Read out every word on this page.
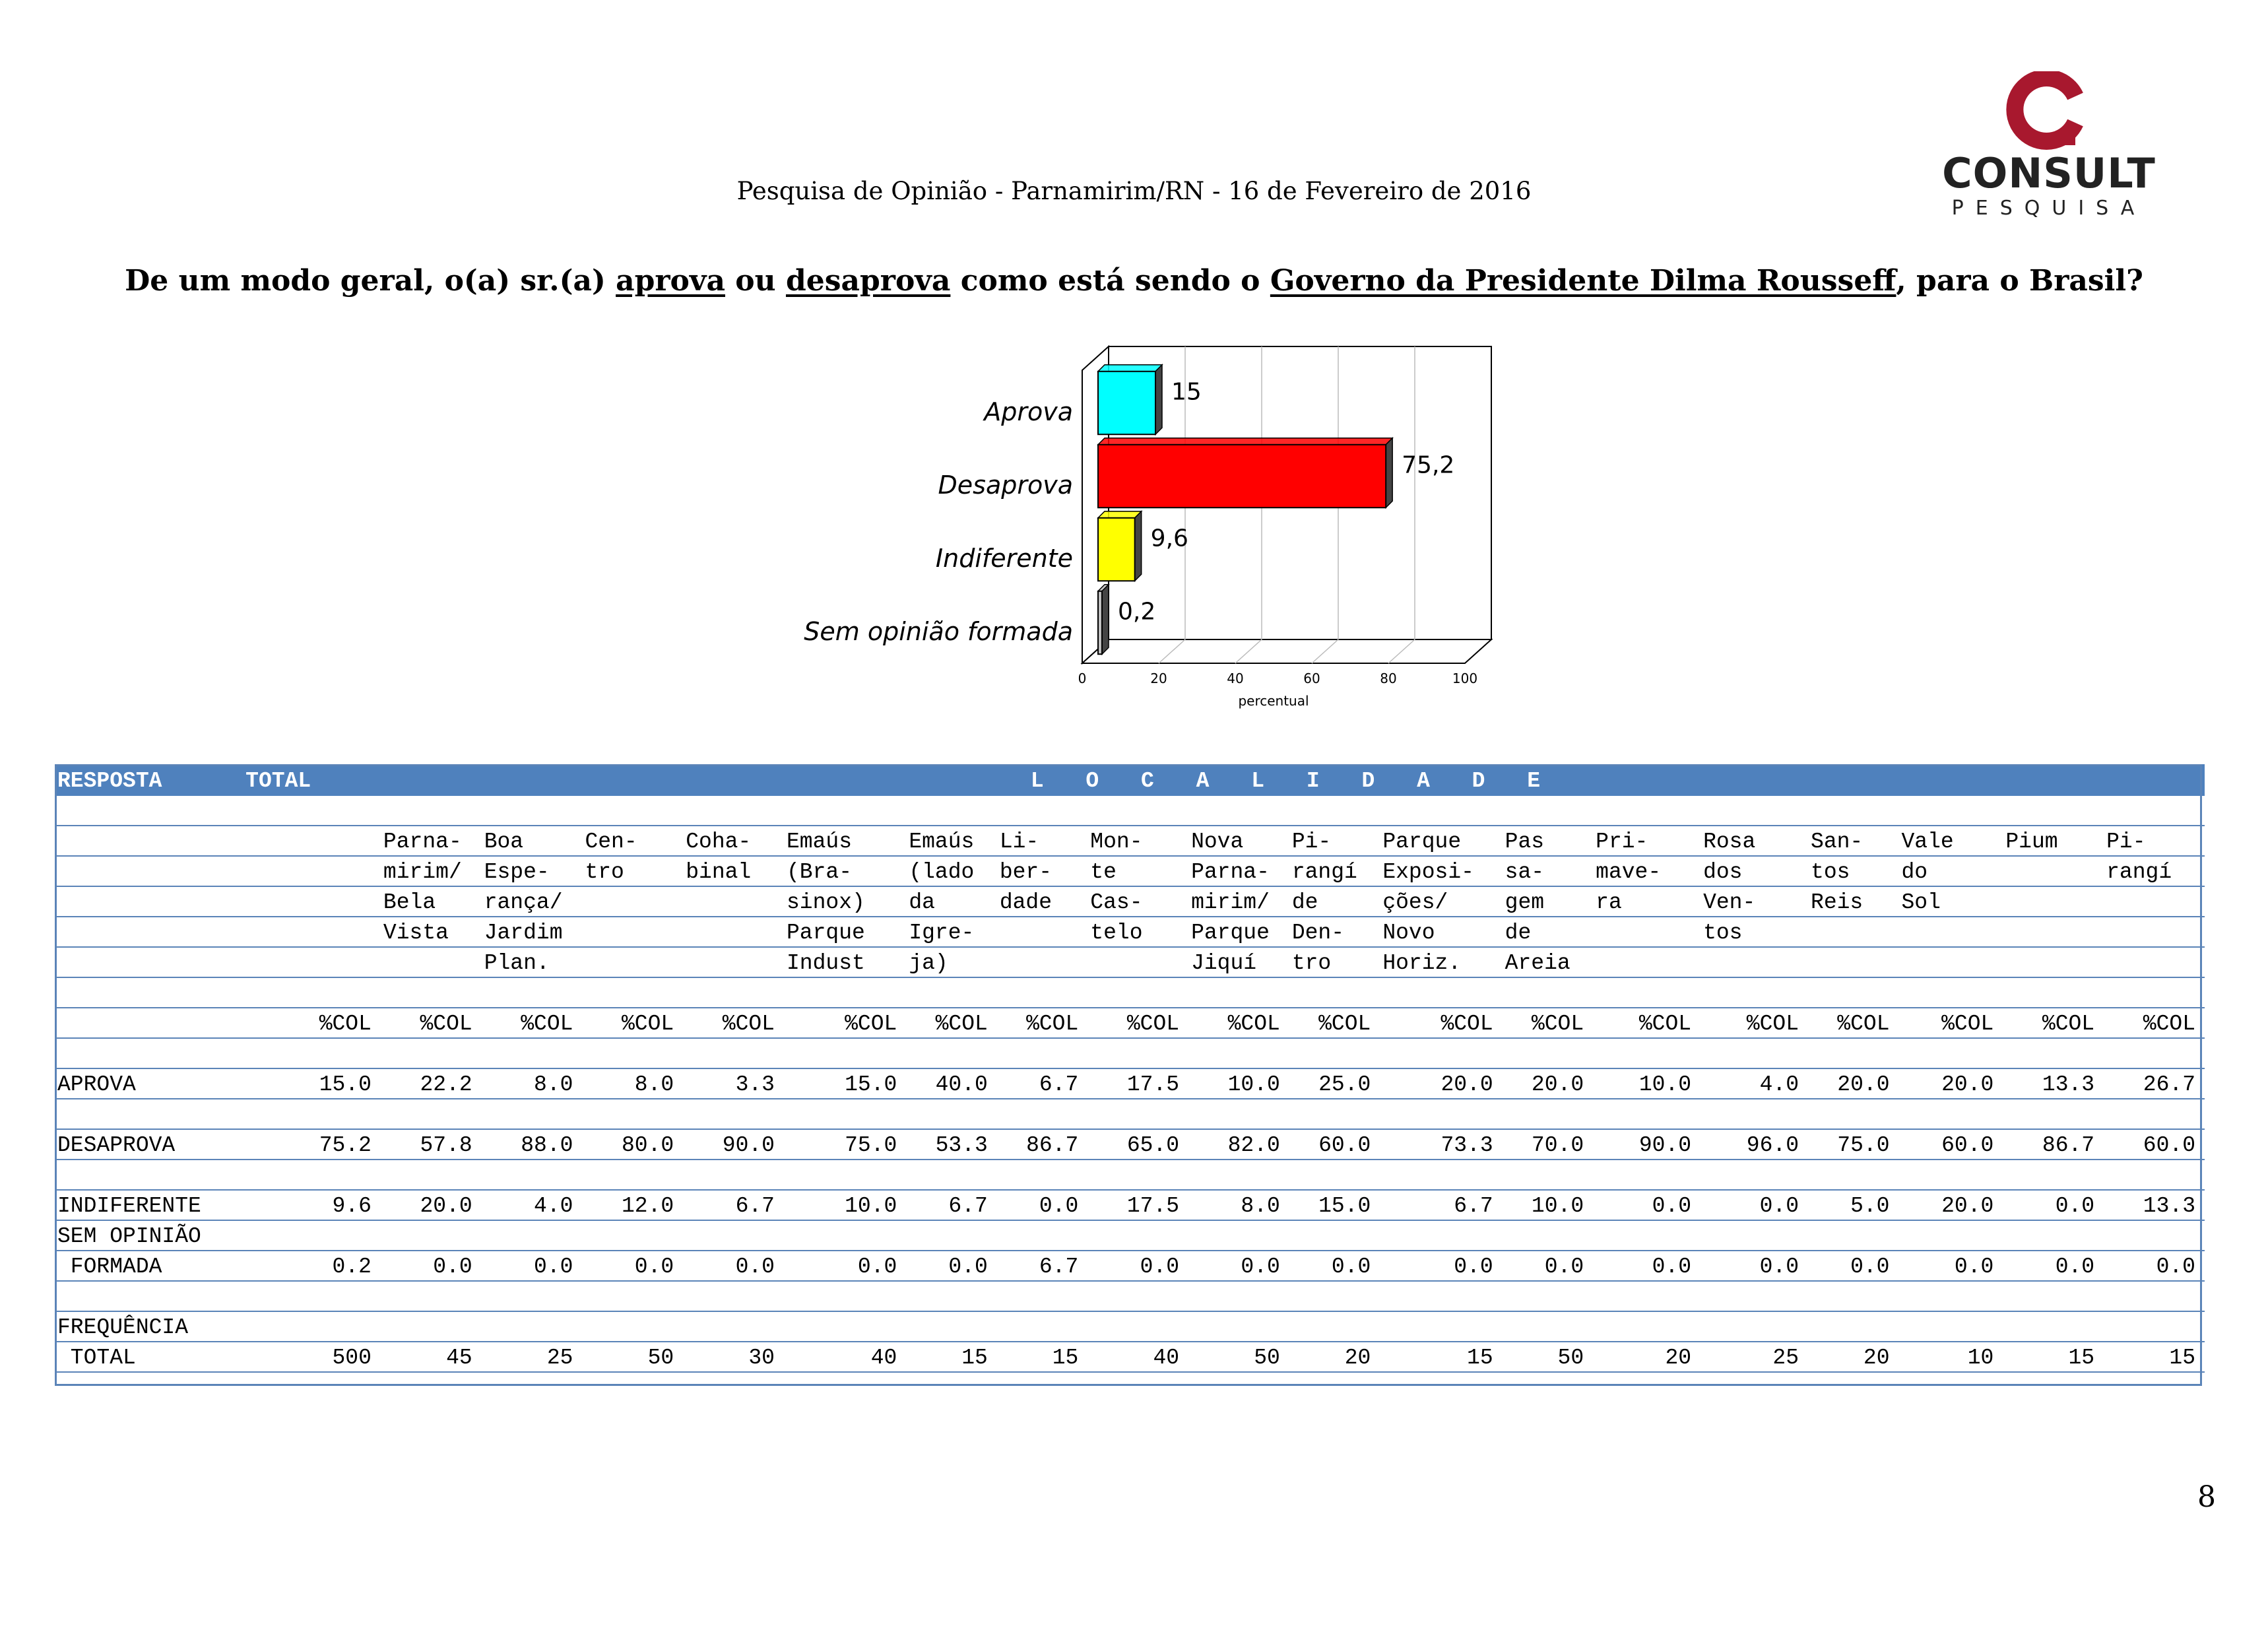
Pesquisa de Opinião - Parnamirim/RN - 16 de Fevereiro de 2016	CONSULT
PESQUISA
De um modo geral, o(a) sr.(a) aprova ou desaprova como está sendo o Governo da Presidente Dilma Rousseff, para o Brasil?
0	20	40	60	80	100
percentual
15
Aprova
75,2
Desaprova
9,6
Indiferente
0,2
Sem opinião formada
RESPOSTA	TOTAL	L O C A L I D A D E																	

		Parna-	Boa	Cen-	Coha-	Emaús	Emaús	Li-	Mon-	Nova	Pi-	Parque	Pas	Pri-	Rosa	San-	Vale	Pium	Pi-
		mirim/	Espe-	tro	binal	(Bra-	(lado	ber-	te	Parna-	rangí	Exposi-	sa-	mave-	dos	tos	do		rangí
		Bela	rança/			sinox)	da	dade	Cas-	mirim/	de	ções/	gem	ra	Ven-	Reis	Sol		
		Vista	Jardim			Parque	Igre-		telo	Parque	Den-	Novo	de		tos				
			Plan.			Indust	ja)			Jiquí	tro	Horiz.	Areia						

	%COL	%COL	%COL	%COL	%COL	%COL	%COL	%COL	%COL	%COL	%COL	%COL	%COL	%COL	%COL	%COL	%COL	%COL	%COL

APROVA	15.0	22.2	8.0	8.0	3.3	15.0	40.0	6.7	17.5	10.0	25.0	20.0	20.0	10.0	4.0	20.0	20.0	13.3	26.7

DESAPROVA	75.2	57.8	88.0	80.0	90.0	75.0	53.3	86.7	65.0	82.0	60.0	73.3	70.0	90.0	96.0	75.0	60.0	86.7	60.0

INDIFERENTE	9.6	20.0	4.0	12.0	6.7	10.0	6.7	0.0	17.5	8.0	15.0	6.7	10.0	0.0	0.0	5.0	20.0	0.0	13.3
SEM OPINIÃO																			
FORMADA	0.2	0.0	0.0	0.0	0.0	0.0	0.0	6.7	0.0	0.0	0.0	0.0	0.0	0.0	0.0	0.0	0.0	0.0	0.0

FREQUÊNCIA																			
TOTAL	500	45	25	50	30	40	15	15	40	50	20	15	50	20	25	20	10	15	15
8
